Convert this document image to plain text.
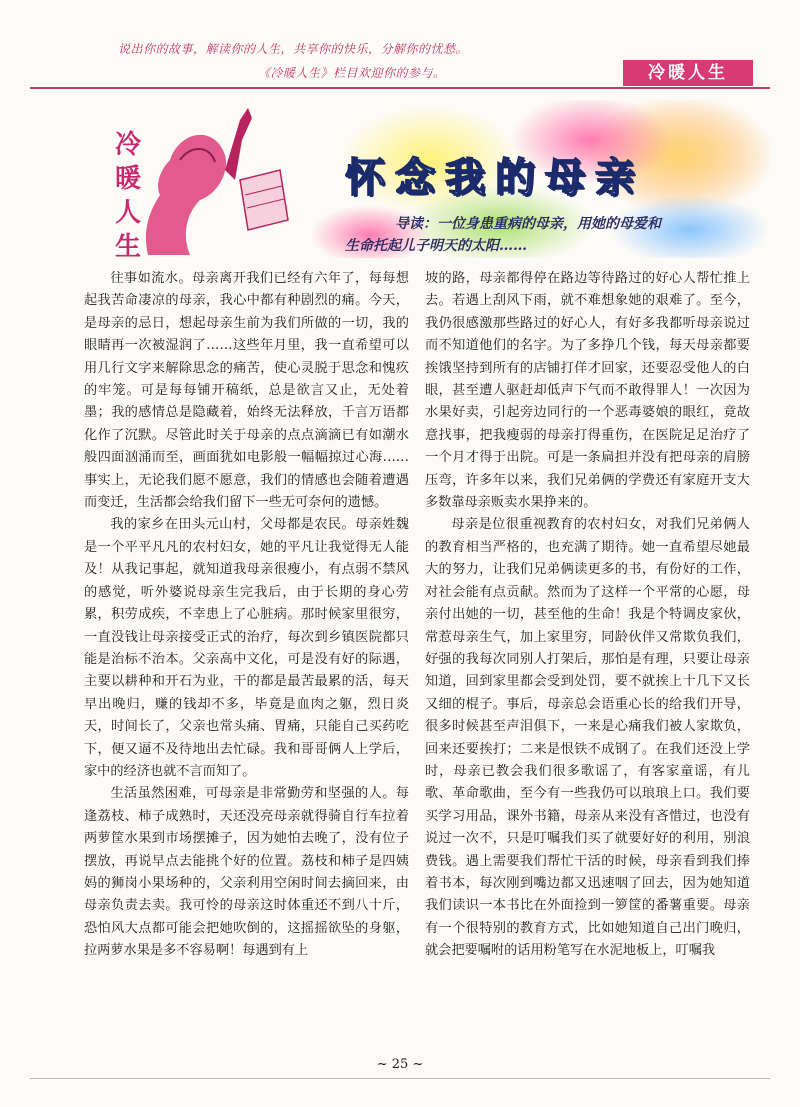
说出你的故事，解读你的人生，共享你的快乐，分解你的忧愁。
《冷暖人生》栏目欢迎你的参与。	冷暖人生
冷
暖
人
生
怀念我的母亲
导读：一位身患重病的母亲，用她的母爱和
生命托起儿子明天的太阳……

往事如流水。母亲离开我们已经有六年了，每每想起我苦命凄凉的母亲，我心中都有种剧烈的痛。今天，是母亲的忌日，想起母亲生前为我们所做的一切，我的眼睛再一次被湿润了……这些年月里，我一直希望可以用几行文字来解除思念的痛苦，使心灵脱于思念和愧疚的牢笼。可是每每铺开稿纸，总是欲言又止，无处着墨；我的感情总是隐藏着，始终无法释放，千言万语都化作了沉默。尽管此时关于母亲的点点滴滴已有如潮水般四面汹涌而至，画面犹如电影般一幅幅掠过心海……事实上，无论我们愿不愿意，我们的情感也会随着遭遇而变迁，生活都会给我们留下一些无可奈何的遗憾。

我的家乡在田头元山村，父母都是农民。母亲姓魏是一个平平凡凡的农村妇女，她的平凡让我觉得无人能及！从我记事起，就知道我母亲很瘦小，有点弱不禁风的感觉，听外婆说母亲生完我后，由于长期的身心劳累，积劳成疾，不幸患上了心脏病。那时候家里很穷，一直没钱让母亲接受正式的治疗，每次到乡镇医院都只能是治标不治本。父亲高中文化，可是没有好的际遇，主要以耕种和开石为业，干的都是最苦最累的活，每天早出晚归，赚的钱却不多，毕竟是血肉之躯，烈日炎天，时间长了，父亲也常头痛、胃痛，只能自己买药吃下，便又逼不及待地出去忙碌。我和哥哥俩人上学后，家中的经济也就不言而知了。

生活虽然困难，可母亲是非常勤劳和坚强的人。每逢荔枝、柿子成熟时，天还没亮母亲就得骑自行车拉着两萝筐水果到市场摆摊子，因为她怕去晚了，没有位子摆放，再说早点去能挑个好的位置。荔枝和柿子是四姨妈的狮岗小果场种的，父亲利用空闲时间去摘回来，由母亲负责去卖。我可怜的母亲这时体重还不到八十斤，恐怕风大点都可能会把她吹倒的，这摇摇欲坠的身躯，拉两萝水果是多不容易啊！每遇到有上

坡的路，母亲都得停在路边等待路过的好心人帮忙推上去。若遇上刮风下雨，就不难想象她的艰难了。至今，我仍很感激那些路过的好心人，有好多我都听母亲说过而不知道他们的名字。为了多挣几个钱，每天母亲都要挨饿坚持到所有的店铺打佯才回家，还要忍受他人的白眼，甚至遭人驱赶却低声下气而不敢得罪人！一次因为水果好卖，引起旁边同行的一个恶毒婆娘的眼红，竟故意找事，把我瘦弱的母亲打得重伤，在医院足足治疗了一个月才得于出院。可是一条扁担并没有把母亲的肩膀压弯，许多年以来，我们兄弟俩的学费还有家庭开支大多数靠母亲贩卖水果挣来的。

母亲是位很重视教育的农村妇女，对我们兄弟俩人的教育相当严格的，也充满了期待。她一直希望尽她最大的努力，让我们兄弟俩读更多的书，有份好的工作，对社会能有点贡献。然而为了这样一个平常的心愿，母亲付出她的一切，甚至他的生命！我是个特调皮家伙，常惹母亲生气，加上家里穷，同龄伙伴又常欺负我们，好强的我每次同别人打架后，那怕是有理，只要让母亲知道，回到家里都会受到处罚，要不就挨上十几下又长又细的棍子。事后，母亲总会语重心长的给我们开导，很多时候甚至声泪俱下，一来是心痛我们被人家欺负，回来还要挨打；二来是恨铁不成钢了。在我们还没上学时，母亲已教会我们很多歌谣了，有客家童谣，有儿歌、革命歌曲，至今有一些我仍可以琅琅上口。我们要买学习用品，课外书籍，母亲从来没有吝惜过，也没有说过一次不，只是叮嘱我们买了就要好好的利用，别浪费钱。遇上需要我们帮忙干活的时候，母亲看到我们捧着书本，每次刚到嘴边都又迅速咽了回去，因为她知道我们读识一本书比在外面捡到一箩筐的番薯重要。母亲有一个很特别的教育方式，比如她知道自己出门晚归，就会把要嘱咐的话用粉笔写在水泥地板上，叮嘱我

~ 25 ~
